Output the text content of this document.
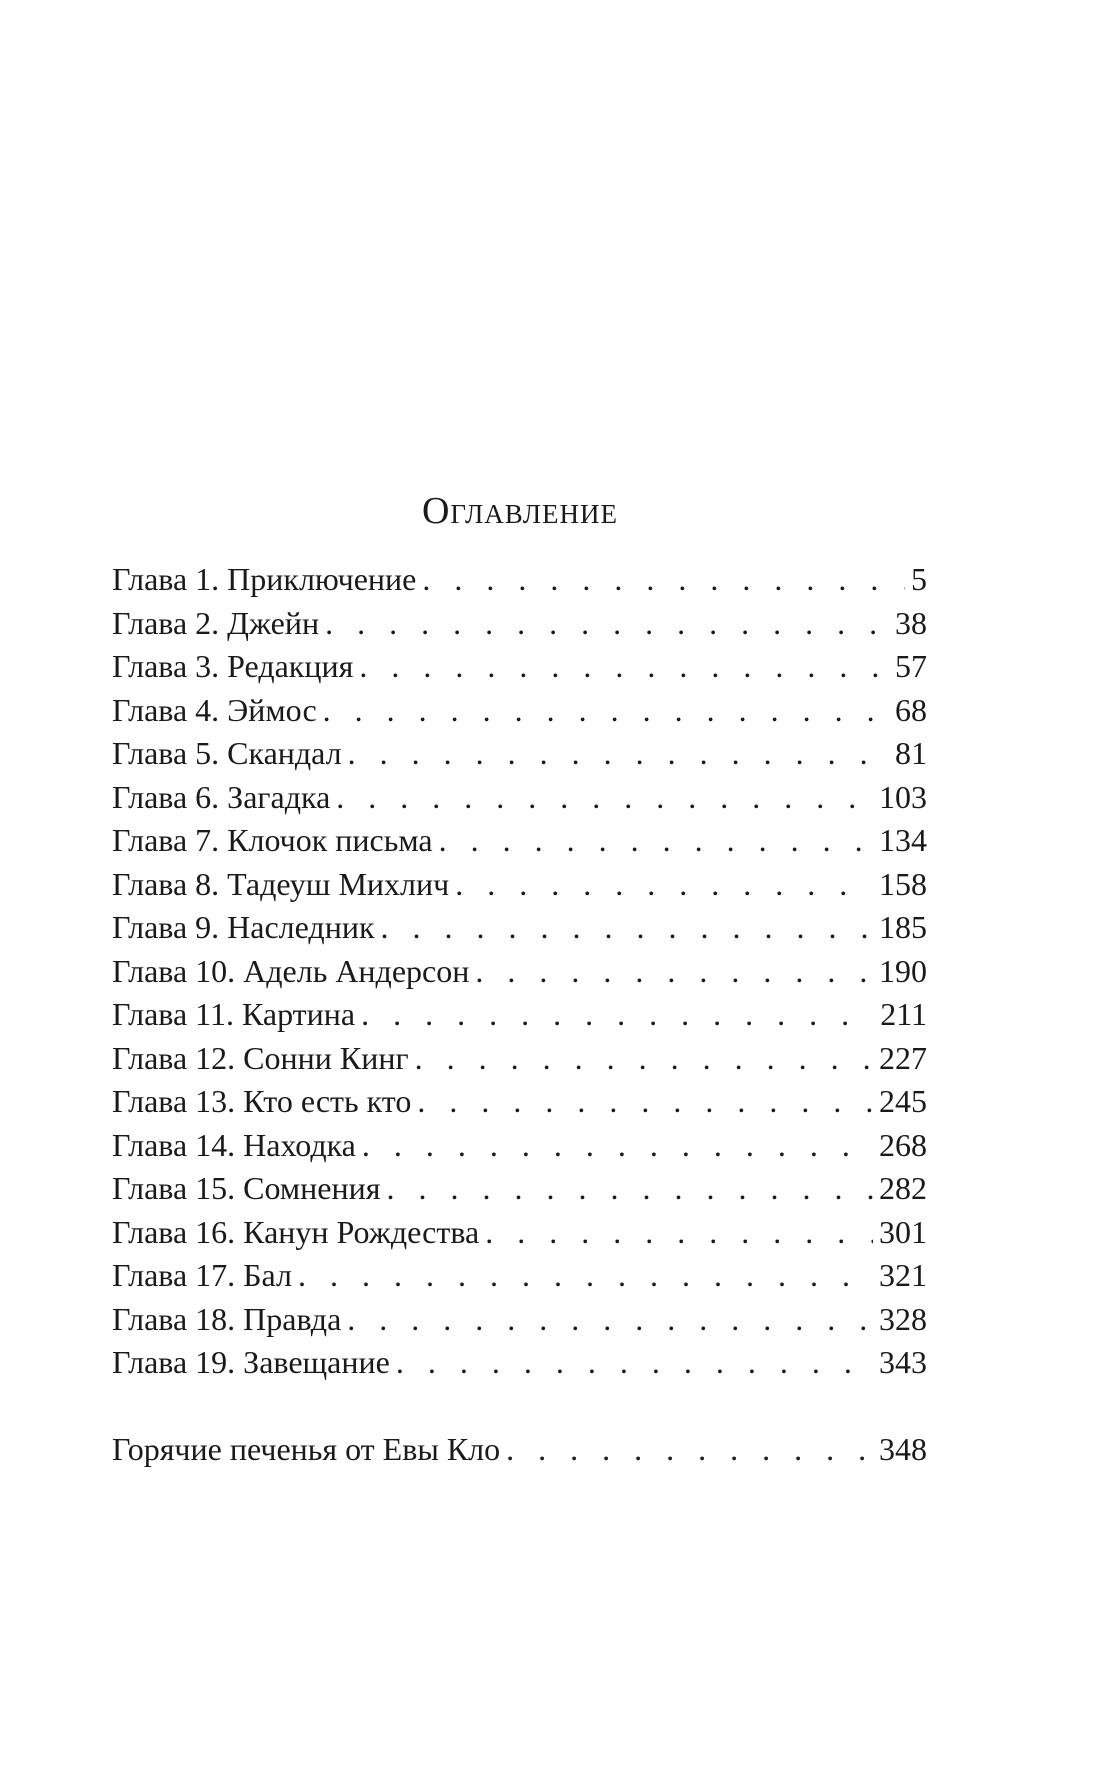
Оглавление
Глава 1. Приключение . . .	5
Глава 2. Джейн . . .	38
Глава 3. Редакция . . .	57
Глава 4. Эймос . . .	68
Глава 5. Скандал . . .	81
Глава 6. Загадка . . .	103
Глава 7. Клочок письма . . .	134
Глава 8. Тадеуш Михлич . . .	158
Глава 9. Наследник . . .	185
Глава 10. Адель Андерсон . . .	190
Глава 11. Картина . . .	211
Глава 12. Сонни Кинг . . .	227
Глава 13. Кто есть кто . . .	245
Глава 14. Находка . . .	268
Глава 15. Сомнения . . .	282
Глава 16. Канун Рождества . . .	301
Глава 17. Бал . . .	321
Глава 18. Правда . . .	328
Глава 19. Завещание . . .	343
Горячие печенья от Евы Кло . . .	348
